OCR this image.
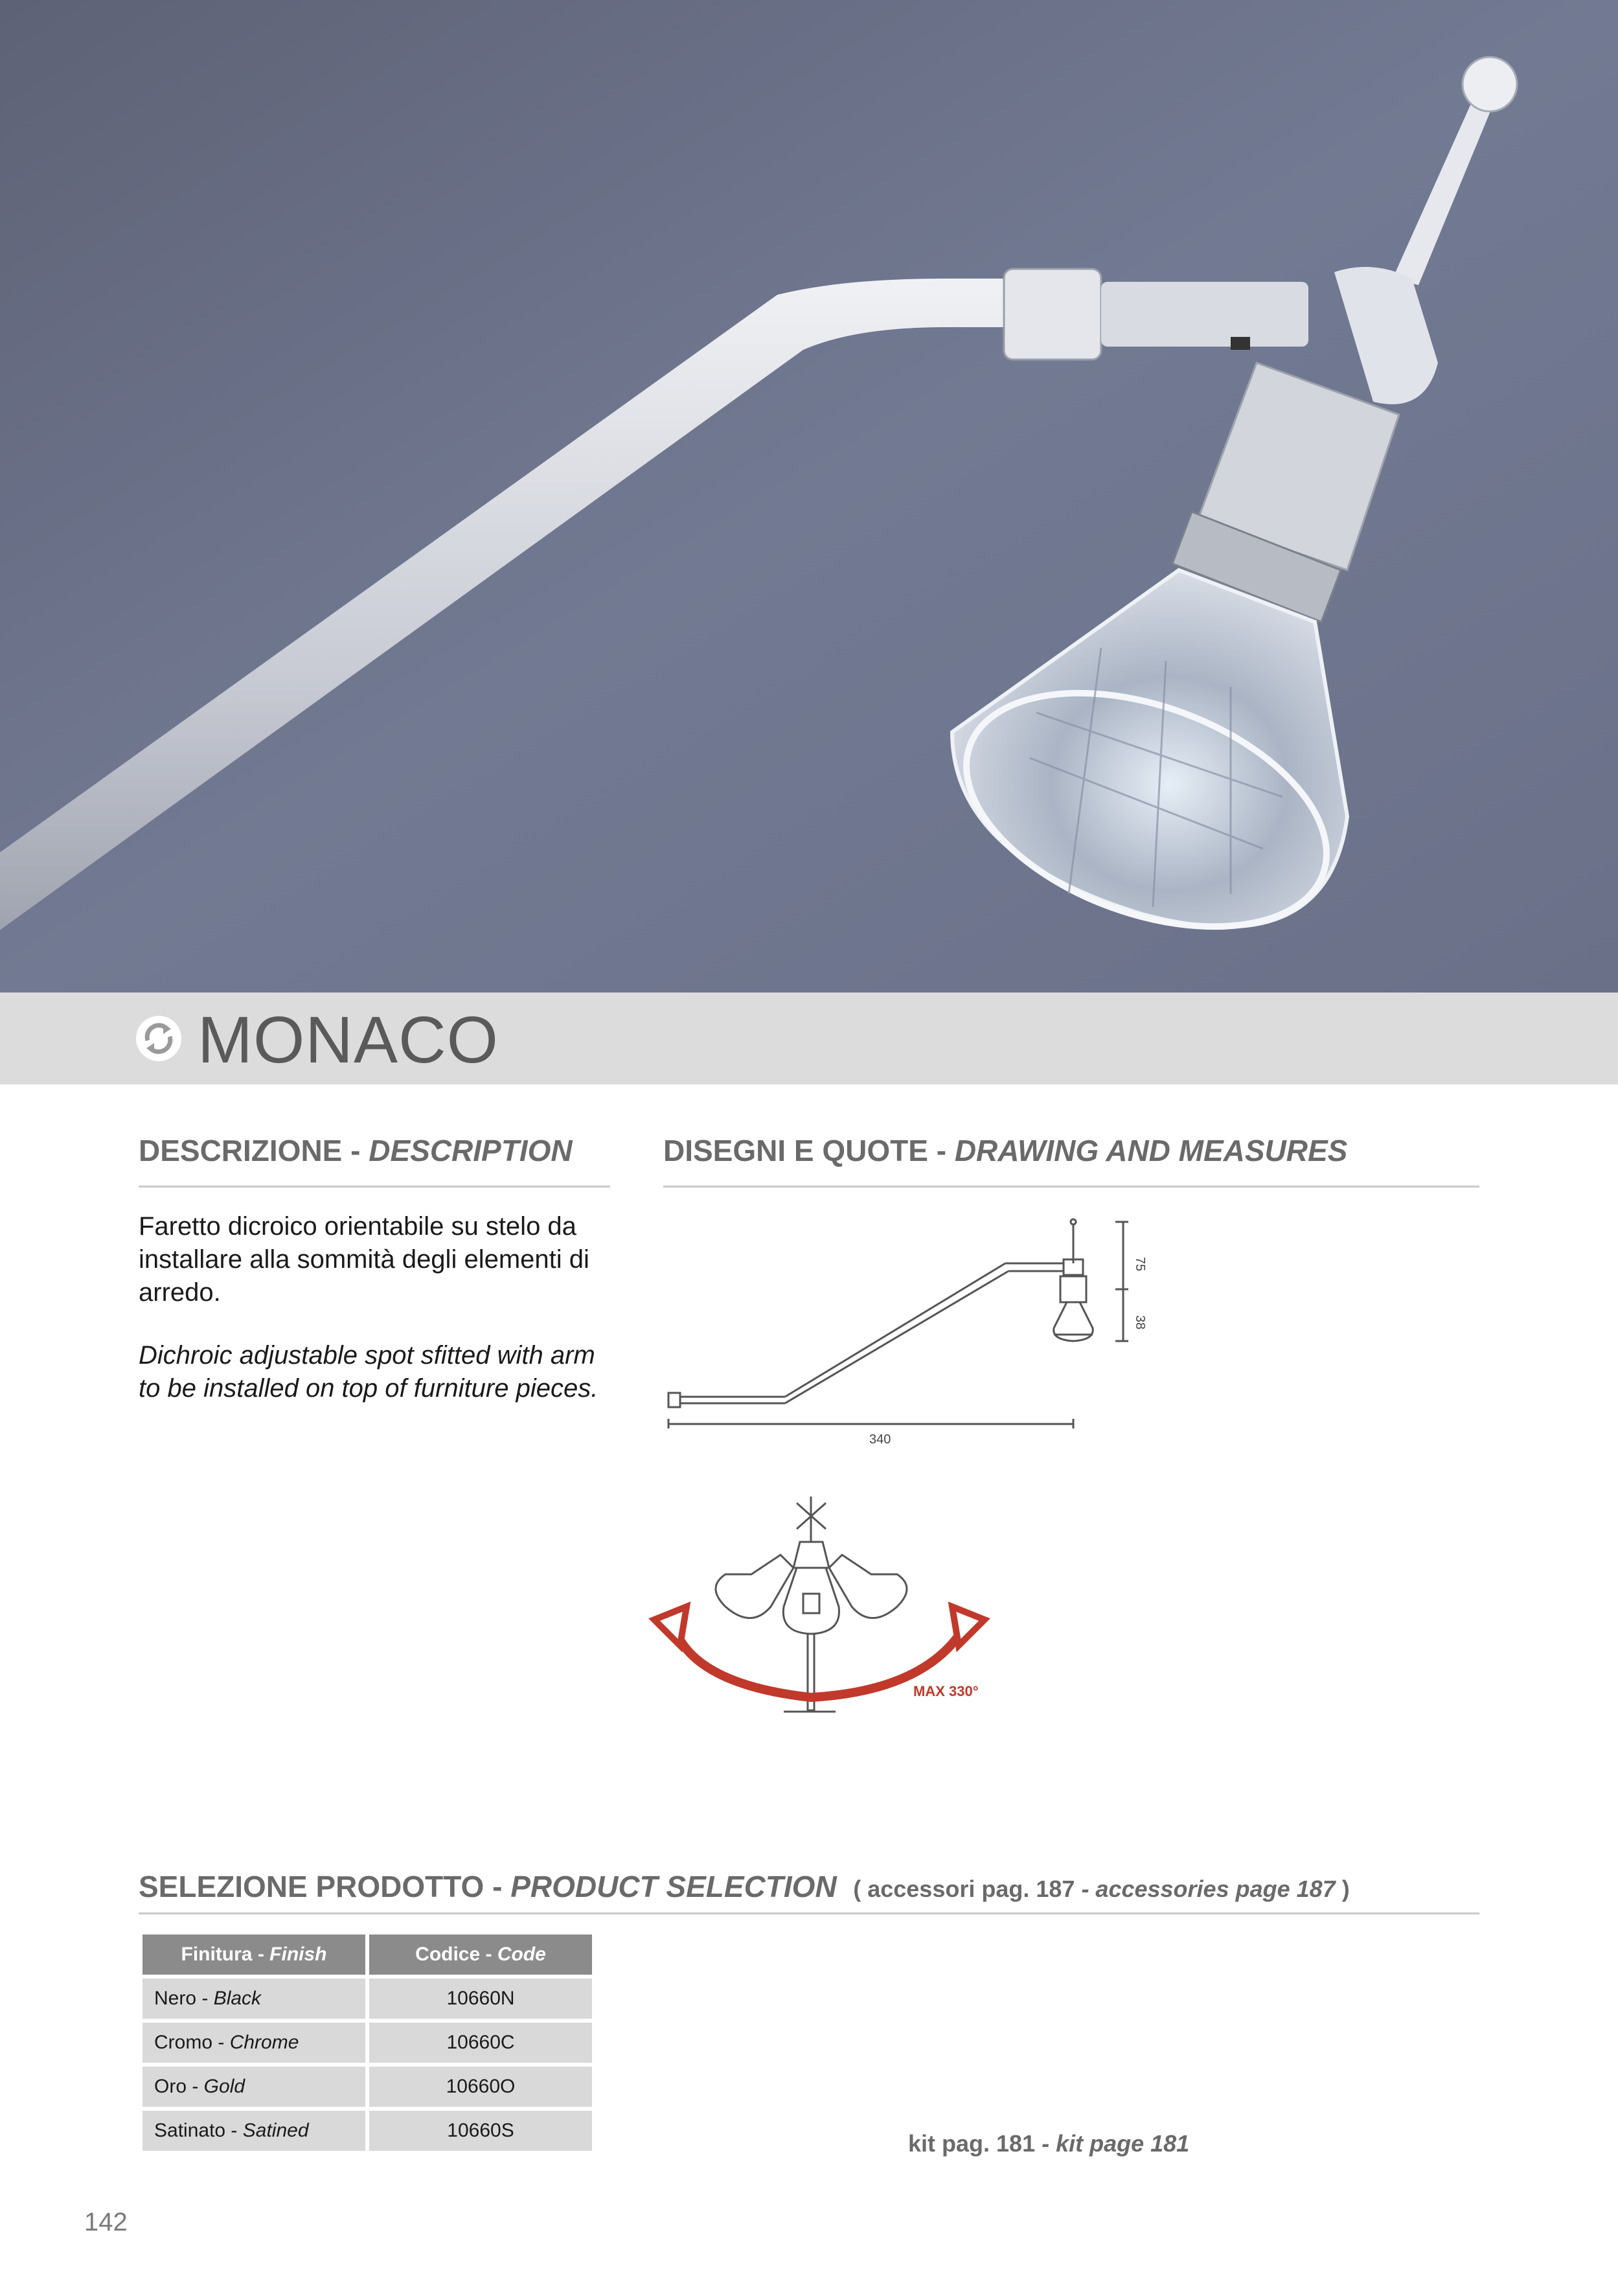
MONACO
DESCRIZIONE - DESCRIPTION
Faretto dicroico orientabile su stelo da installare alla sommità degli elementi di arredo.
Dichroic adjustable spot sfitted with arm to be installed on top of furniture pieces.
DISEGNI E QUOTE - DRAWING AND MEASURES
340
75
38
MAX 330°
SELEZIONE PRODOTTO - PRODUCT SELECTION ( accessori pag. 187 - accessories page 187 )
Finitura - Finish	Codice - Code
Nero - Black	10660N
Cromo - Chrome	10660C
Oro - Gold	10660O
Satinato - Satined	10660S	kit pag. 181 - kit page 181
142
